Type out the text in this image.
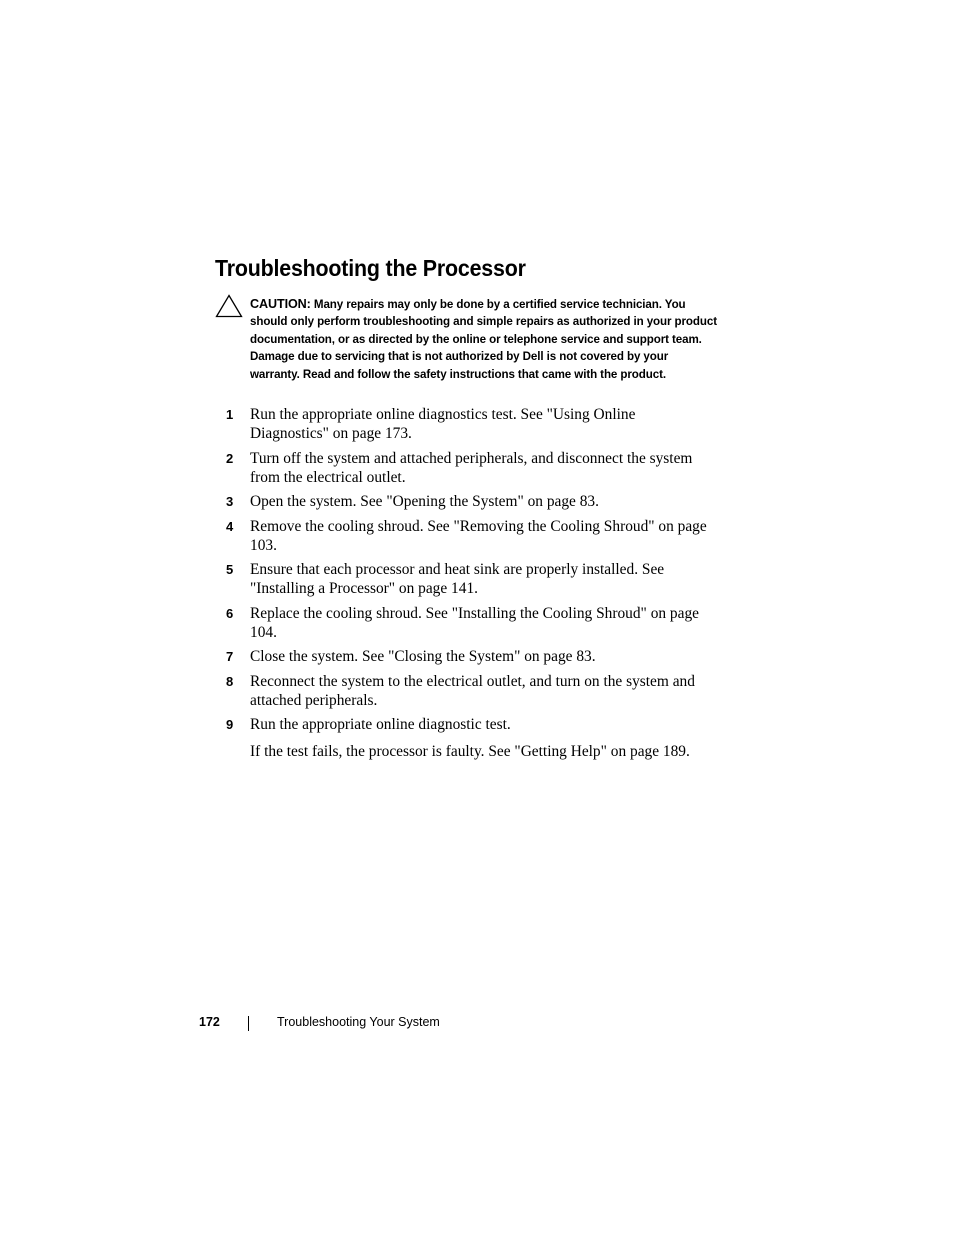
Troubleshooting the Processor

CAUTION: Many repairs may only be done by a certified service technician. You should only perform troubleshooting and simple repairs as authorized in your product documentation, or as directed by the online or telephone service and support team. Damage due to servicing that is not authorized by Dell is not covered by your warranty. Read and follow the safety instructions that came with the product.

1 Run the appropriate online diagnostics test. See "Using Online Diagnostics" on page 173.
2 Turn off the system and attached peripherals, and disconnect the system from the electrical outlet.
3 Open the system. See "Opening the System" on page 83.
4 Remove the cooling shroud. See "Removing the Cooling Shroud" on page 103.
5 Ensure that each processor and heat sink are properly installed. See "Installing a Processor" on page 141.
6 Replace the cooling shroud. See "Installing the Cooling Shroud" on page 104.
7 Close the system. See "Closing the System" on page 83.
8 Reconnect the system to the electrical outlet, and turn on the system and attached peripherals.
9 Run the appropriate online diagnostic test.

If the test fails, the processor is faulty. See "Getting Help" on page 189.

172	Troubleshooting Your System
